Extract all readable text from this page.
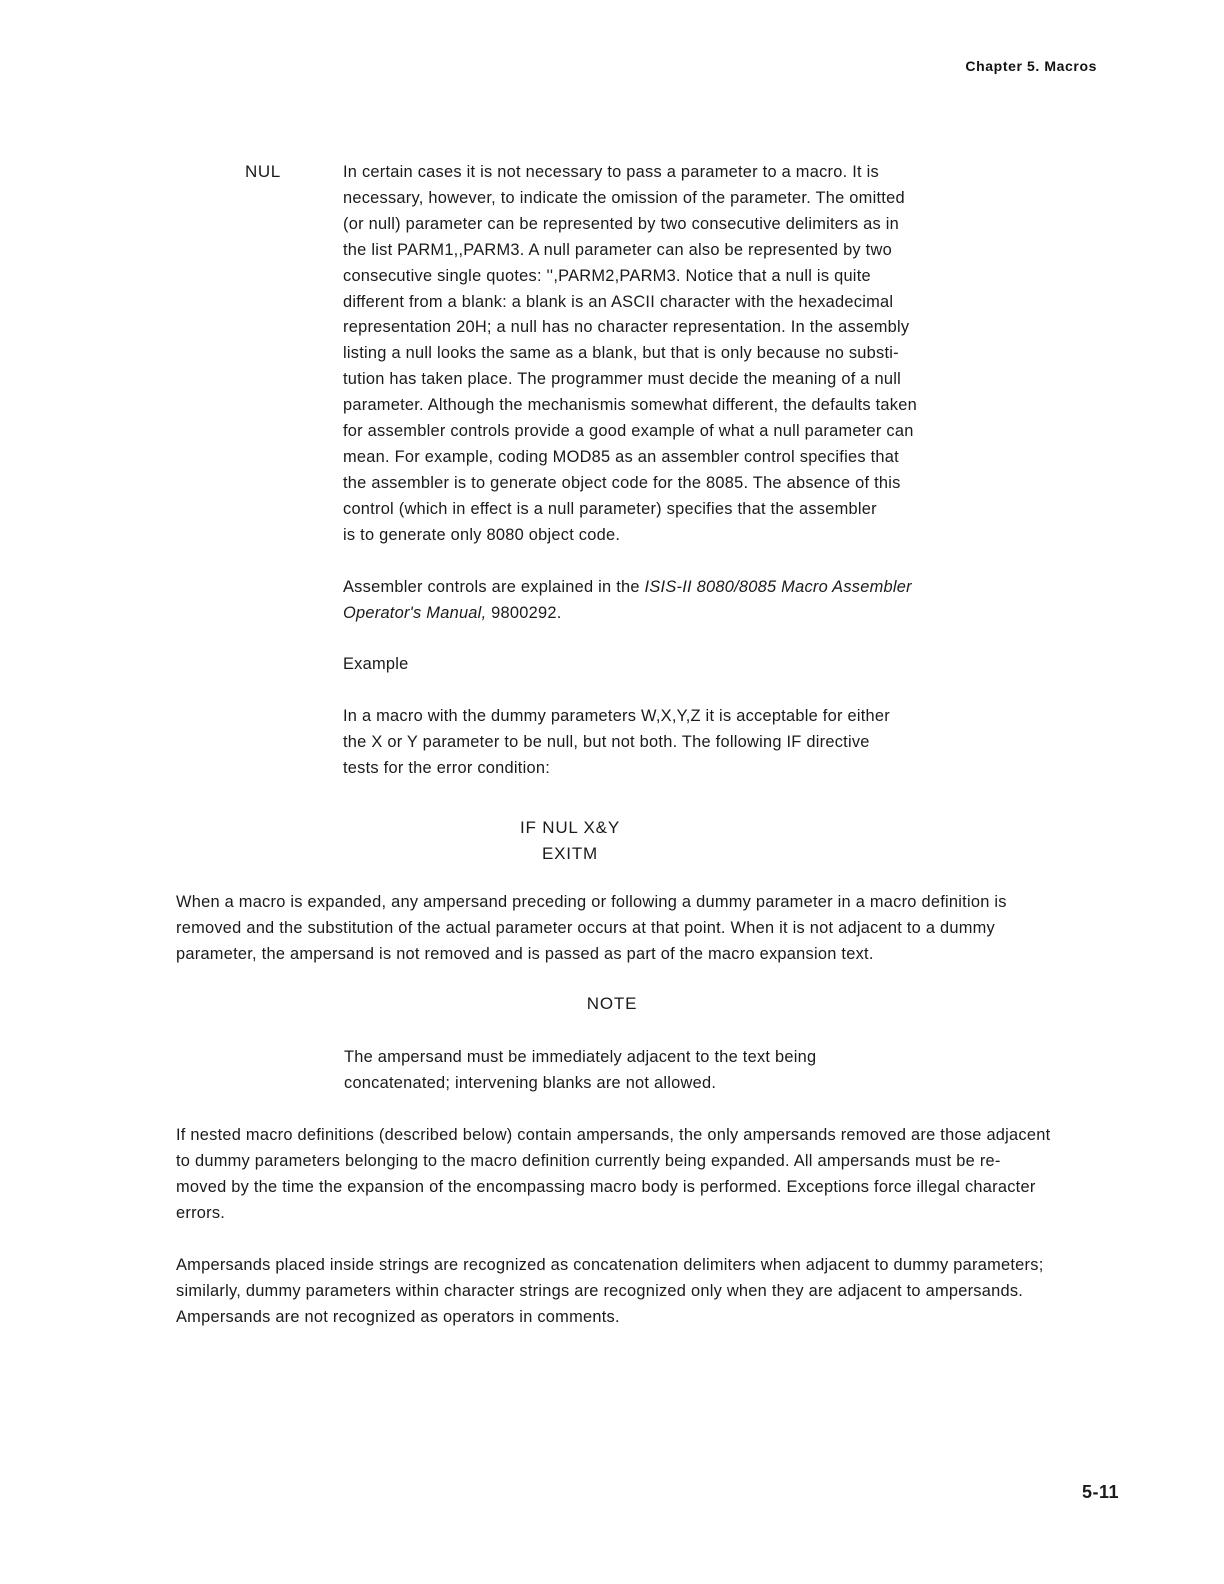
Chapter 5. Macros
NUL	In certain cases it is not necessary to pass a parameter to a macro. It is
necessary, however, to indicate the omission of the parameter. The omitted
(or null) parameter can be represented by two consecutive delimiters as in
the list PARM1,,PARM3. A null parameter can also be represented by two
consecutive single quotes: '',PARM2,PARM3. Notice that a null is quite
different from a blank: a blank is an ASCII character with the hexadecimal
representation 20H; a null has no character representation. In the assembly
listing a null looks the same as a blank, but that is only because no substi-
tution has taken place. The programmer must decide the meaning of a null
parameter. Although the mechanismis somewhat different, the defaults taken
for assembler controls provide a good example of what a null parameter can
mean. For example, coding MOD85 as an assembler control specifies that
the assembler is to generate object code for the 8085. The absence of this
control (which in effect is a null parameter) specifies that the assembler
is to generate only 8080 object code.

Assembler controls are explained in the ISIS-II 8080/8085 Macro Assembler
Operator's Manual, 9800292.

Example

In a macro with the dummy parameters W,X,Y,Z it is acceptable for either
the X or Y parameter to be null, but not both. The following IF directive
tests for the error condition:

IF NUL X&Y
EXITM

When a macro is expanded, any ampersand preceding or following a dummy parameter in a macro definition is
removed and the substitution of the actual parameter occurs at that point. When it is not adjacent to a dummy
parameter, the ampersand is not removed and is passed as part of the macro expansion text.

NOTE

The ampersand must be immediately adjacent to the text being
concatenated; intervening blanks are not allowed.

If nested macro definitions (described below) contain ampersands, the only ampersands removed are those adjacent
to dummy parameters belonging to the macro definition currently being expanded. All ampersands must be re-
moved by the time the expansion of the encompassing macro body is performed. Exceptions force illegal character
errors.

Ampersands placed inside strings are recognized as concatenation delimiters when adjacent to dummy parameters;
similarly, dummy parameters within character strings are recognized only when they are adjacent to ampersands.
Ampersands are not recognized as operators in comments.

5-11
